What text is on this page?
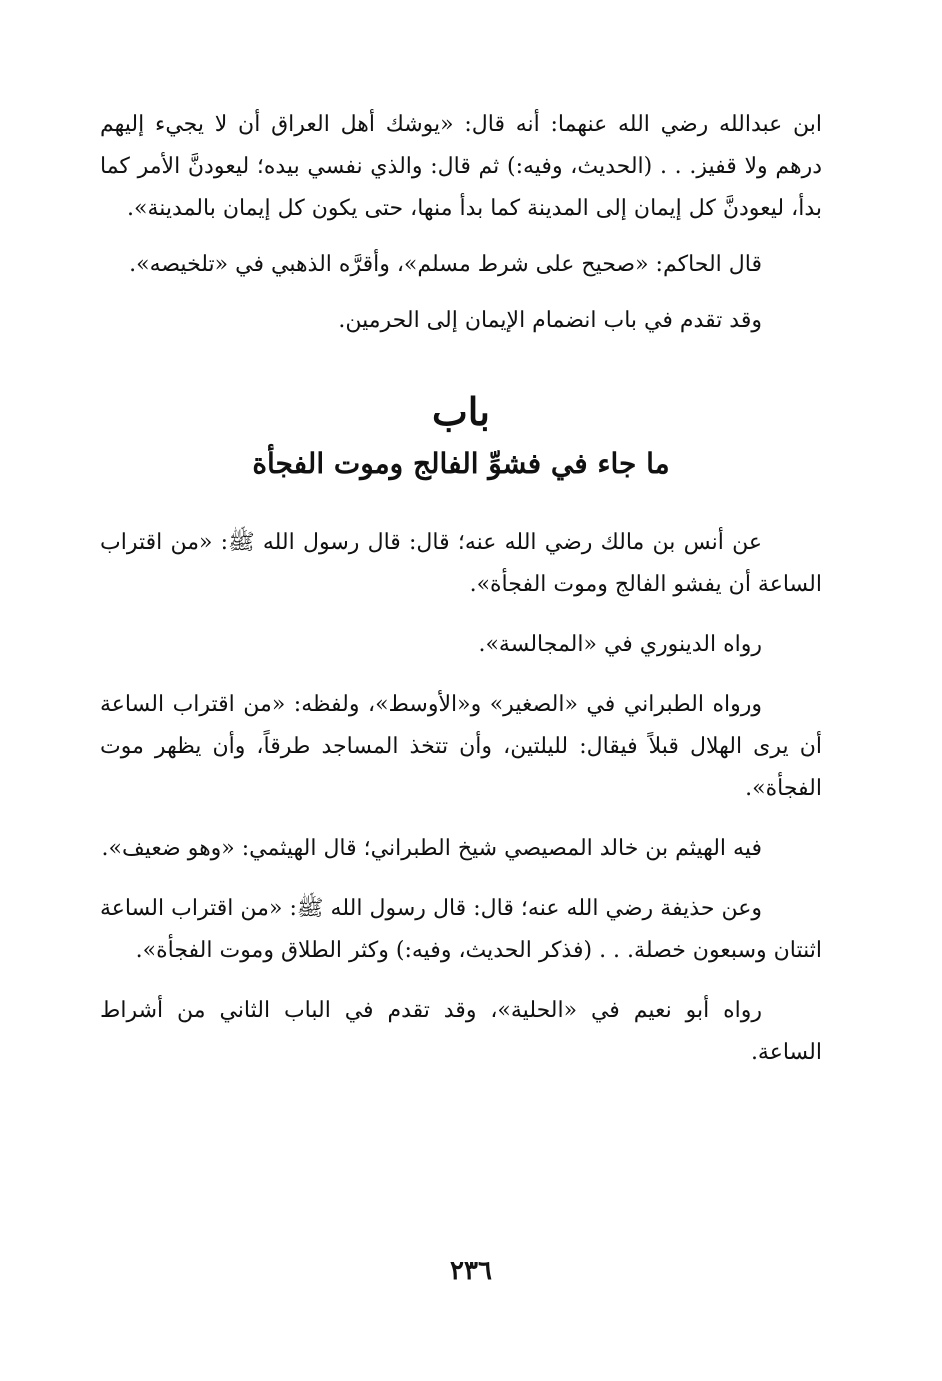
ابن عبدالله رضي الله عنهما: أنه قال: «يوشك أهل العراق أن لا يجيء إليهم درهم ولا قفيز. . . (الحديث، وفيه:) ثم قال: والذي نفسي بيده؛ ليعودنَّ الأمر كما بدأ، ليعودنَّ كل إيمان إلى المدينة كما بدأ منها، حتى يكون كل إيمان بالمدينة».

قال الحاكم: «صحيح على شرط مسلم»، وأقرَّه الذهبي في «تلخيصه».

وقد تقدم في باب انضمام الإيمان إلى الحرمين.

باب
ما جاء في فشوِّ الفالج وموت الفجأة

عن أنس بن مالك رضي الله عنه؛ قال: قال رسول الله ﷺ: «من اقتراب الساعة أن يفشو الفالج وموت الفجأة».

رواه الدينوري في «المجالسة».

ورواه الطبراني في «الصغير» و«الأوسط»، ولفظه: «من اقتراب الساعة أن يرى الهلال قبلاً فيقال: لليلتين، وأن تتخذ المساجد طرقاً، وأن يظهر موت الفجأة».

فيه الهيثم بن خالد المصيصي شيخ الطبراني؛ قال الهيثمي: «وهو ضعيف».

وعن حذيفة رضي الله عنه؛ قال: قال رسول الله ﷺ: «من اقتراب الساعة اثنتان وسبعون خصلة. . . (فذكر الحديث، وفيه:) وكثر الطلاق وموت الفجأة».

رواه أبو نعيم في «الحلية»، وقد تقدم في الباب الثاني من أشراط الساعة.

٢٣٦
